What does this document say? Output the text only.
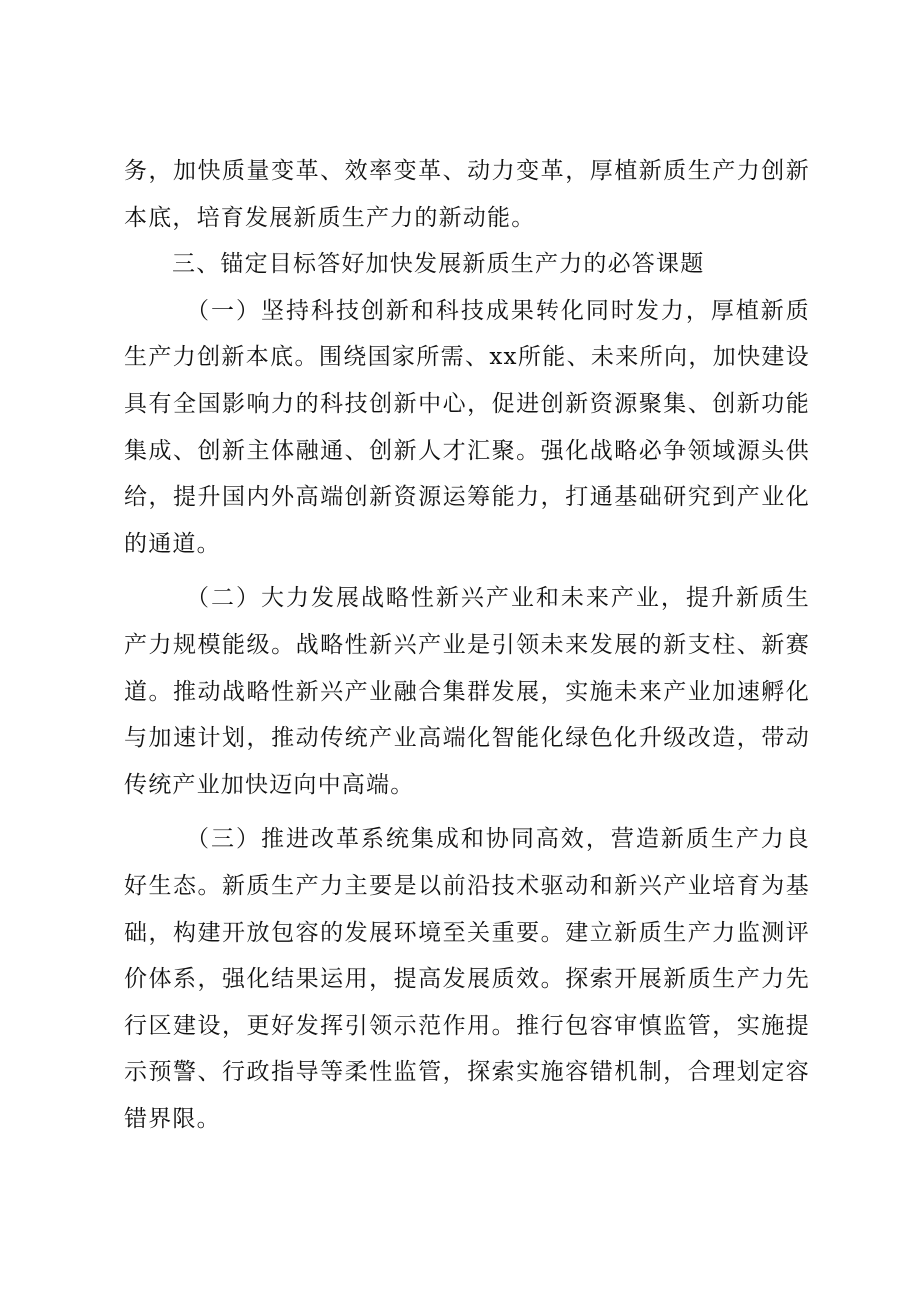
务，加快质量变革、效率变革、动力变革，厚植新质生产力创新本底，培育发展新质生产力的新动能。

三、锚定目标答好加快发展新质生产力的必答课题

（一）坚持科技创新和科技成果转化同时发力，厚植新质生产力创新本底。围绕国家所需、xx所能、未来所向，加快建设具有全国影响力的科技创新中心，促进创新资源聚集、创新功能集成、创新主体融通、创新人才汇聚。强化战略必争领域源头供给，提升国内外高端创新资源运筹能力，打通基础研究到产业化的通道。

（二）大力发展战略性新兴产业和未来产业，提升新质生产力规模能级。战略性新兴产业是引领未来发展的新支柱、新赛道。推动战略性新兴产业融合集群发展，实施未来产业加速孵化与加速计划，推动传统产业高端化智能化绿色化升级改造，带动传统产业加快迈向中高端。

（三）推进改革系统集成和协同高效，营造新质生产力良好生态。新质生产力主要是以前沿技术驱动和新兴产业培育为基础，构建开放包容的发展环境至关重要。建立新质生产力监测评价体系，强化结果运用，提高发展质效。探索开展新质生产力先行区建设，更好发挥引领示范作用。推行包容审慎监管，实施提示预警、行政指导等柔性监管，探索实施容错机制，合理划定容错界限。
